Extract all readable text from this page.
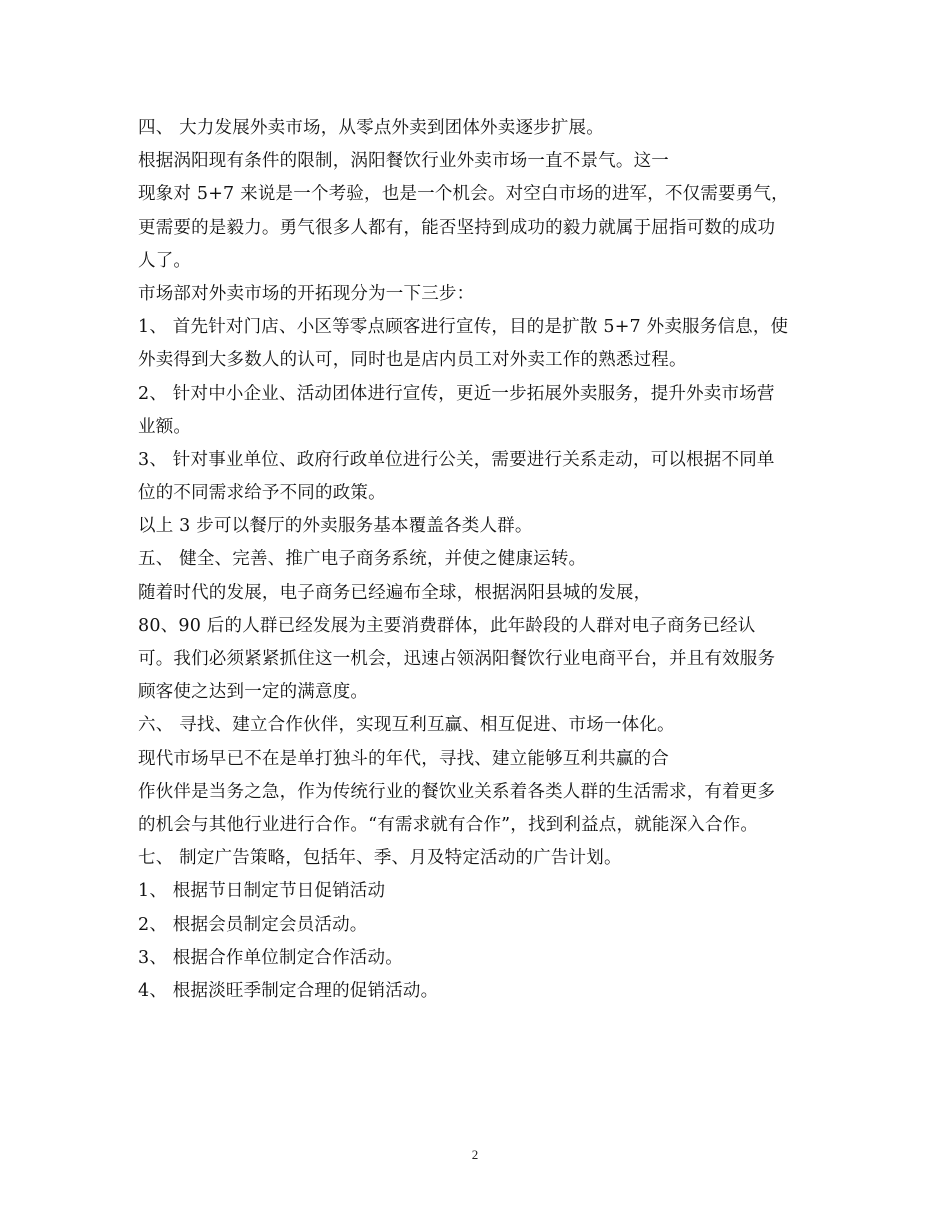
四、 大力发展外卖市场，从零点外卖到团体外卖逐步扩展。
根据涡阳现有条件的限制，涡阳餐饮行业外卖市场一直不景气。这一
现象对 5+7 来说是一个考验，也是一个机会。对空白市场的进军，不仅需要勇气，
更需要的是毅力。勇气很多人都有，能否坚持到成功的毅力就属于屈指可数的成功
人了。
市场部对外卖市场的开拓现分为一下三步：
1、 首先针对门店、小区等零点顾客进行宣传，目的是扩散 5+7 外卖服务信息，使
外卖得到大多数人的认可，同时也是店内员工对外卖工作的熟悉过程。
2、 针对中小企业、活动团体进行宣传，更近一步拓展外卖服务，提升外卖市场营
业额。
3、 针对事业单位、政府行政单位进行公关，需要进行关系走动，可以根据不同单
位的不同需求给予不同的政策。
以上 3 步可以餐厅的外卖服务基本覆盖各类人群。
五、 健全、完善、推广电子商务系统，并使之健康运转。
随着时代的发展，电子商务已经遍布全球，根据涡阳县城的发展，
80、90 后的人群已经发展为主要消费群体，此年龄段的人群对电子商务已经认
可。我们必须紧紧抓住这一机会，迅速占领涡阳餐饮行业电商平台，并且有效服务
顾客使之达到一定的满意度。
六、 寻找、建立合作伙伴，实现互利互赢、相互促进、市场一体化。
现代市场早已不在是单打独斗的年代，寻找、建立能够互利共赢的合
作伙伴是当务之急，作为传统行业的餐饮业关系着各类人群的生活需求，有着更多
的机会与其他行业进行合作。“有需求就有合作”，找到利益点，就能深入合作。
七、 制定广告策略，包括年、季、月及特定活动的广告计划。
1、 根据节日制定节日促销活动
2、 根据会员制定会员活动。
3、 根据合作单位制定合作活动。
4、 根据淡旺季制定合理的促销活动。
2
